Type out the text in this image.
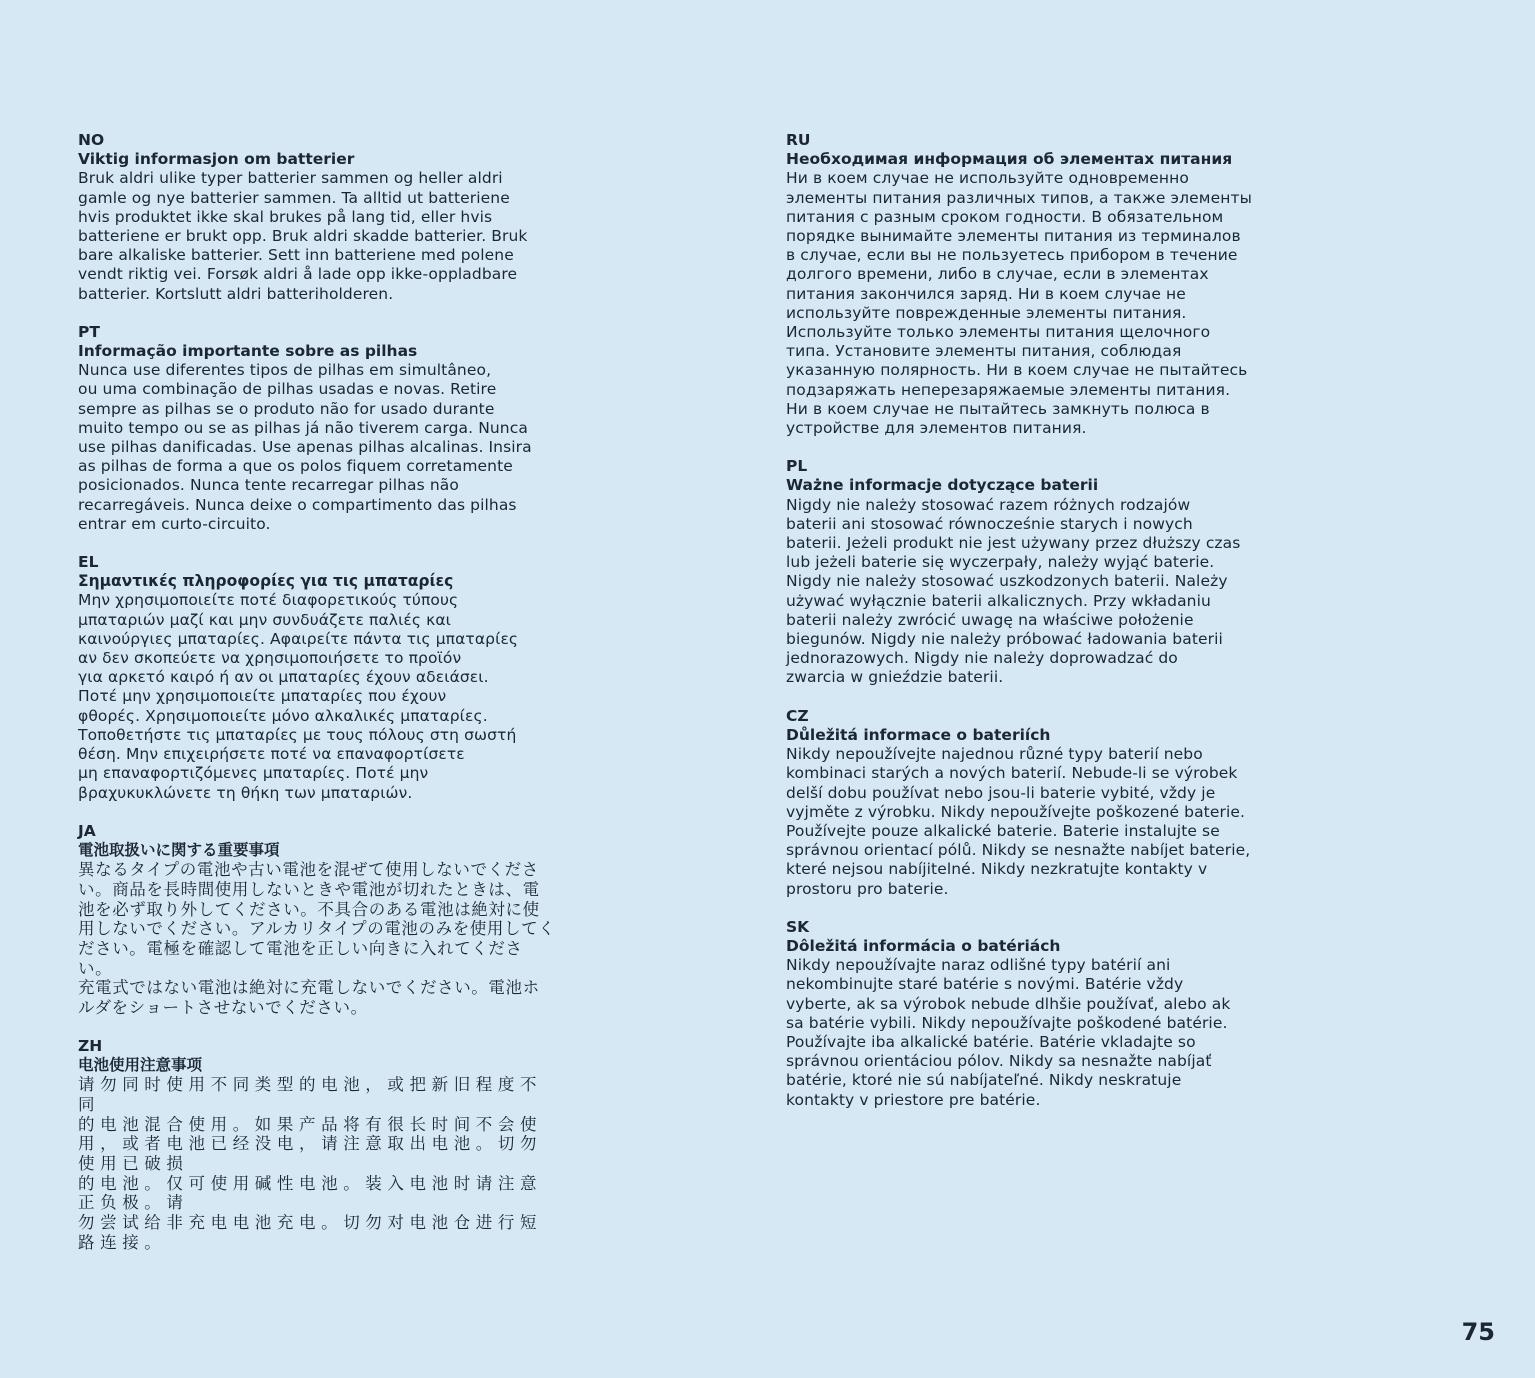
NO
Viktig informasjon om batterier
Bruk aldri ulike typer batterier sammen og heller aldri
gamle og nye batterier sammen. Ta alltid ut batteriene
hvis produktet ikke skal brukes på lang tid, eller hvis
batteriene er brukt opp. Bruk aldri skadde batterier. Bruk
bare alkaliske batterier. Sett inn batteriene med polene
vendt riktig vei. Forsøk aldri å lade opp ikke-oppladbare
batterier. Kortslutt aldri batteriholderen.
PT
Informação importante sobre as pilhas
Nunca use diferentes tipos de pilhas em simultâneo,
ou uma combinação de pilhas usadas e novas. Retire
sempre as pilhas se o produto não for usado durante
muito tempo ou se as pilhas já não tiverem carga. Nunca
use pilhas danificadas. Use apenas pilhas alcalinas. Insira
as pilhas de forma a que os polos fiquem corretamente
posicionados. Nunca tente recarregar pilhas não
recarregáveis. Nunca deixe o compartimento das pilhas
entrar em curto-circuito.
EL
Σημαντικές πληροφορίες για τις μπαταρίες
Μην χρησιμοποιείτε ποτέ διαφορετικούς τύπους
μπαταριών μαζί και μην συνδυάζετε παλιές και
καινούργιες μπαταρίες. Αφαιρείτε πάντα τις μπαταρίες
αν δεν σκοπεύετε να χρησιμοποιήσετε το προϊόν
για αρκετό καιρό ή αν οι μπαταρίες έχουν αδειάσει.
Ποτέ μην χρησιμοποιείτε μπαταρίες που έχουν
φθορές. Χρησιμοποιείτε μόνο αλκαλικές μπαταρίες.
Τοποθετήστε τις μπαταρίες με τους πόλους στη σωστή
θέση. Μην επιχειρήσετε ποτέ να επαναφορτίσετε
μη επαναφορτιζόμενες μπαταρίες. Ποτέ μην
βραχυκυκλώνετε τη θήκη των μπαταριών.
JA
電池取扱いに関する重要事項
異なるタイプの電池や古い電池を混ぜて使用しないでくださ
い。商品を長時間使用しないときや電池が切れたときは、電
池を必ず取り外してください。不具合のある電池は絶対に使
用しないでください。アルカリタイプの電池のみを使用してく
ださい。電極を確認して電池を正しい向きに入れてください。
充電式ではない電池は絶対に充電しないでください。電池ホ
ルダをショートさせないでください。
ZH
电池使用注意事项
请勿同时使用不同类型的电池，或把新旧程度不同
的电池混合使用。如果产品将有很长时间不会使
用，或者电池已经没电，请注意取出电池。切勿使用已破损
的电池。仅可使用碱性电池。装入电池时请注意正负极。请
勿尝试给非充电电池充电。切勿对电池仓进行短路连接。
RU
Необходимая информация об элементах питания
Ни в коем случае не используйте одновременно
элементы питания различных типов, а также элементы
питания с разным сроком годности. В обязательном
порядке вынимайте элементы питания из терминалов
в случае, если вы не пользуетесь прибором в течение
долгого времени, либо в случае, если в элементах
питания закончился заряд. Ни в коем случае не
используйте поврежденные элементы питания.
Используйте только элементы питания щелочного
типа. Установите элементы питания, соблюдая
указанную полярность. Ни в коем случае не пытайтесь
подзаряжать неперезаряжаемые элементы питания.
Ни в коем случае не пытайтесь замкнуть полюса в
устройстве для элементов питания.
PL
Ważne informacje dotyczące baterii
Nigdy nie należy stosować razem różnych rodzajów
baterii ani stosować równocześnie starych i nowych
baterii. Jeżeli produkt nie jest używany przez dłuższy czas
lub jeżeli baterie się wyczerpały, należy wyjąć baterie.
Nigdy nie należy stosować uszkodzonych baterii. Należy
używać wyłącznie baterii alkalicznych. Przy wkładaniu
baterii należy zwrócić uwagę na właściwe położenie
biegunów. Nigdy nie należy próbować ładowania baterii
jednorazowych. Nigdy nie należy doprowadzać do
zwarcia w gnieździe baterii.
CZ
Důležitá informace o bateriích
Nikdy nepoužívejte najednou různé typy baterií nebo
kombinaci starých a nových baterií. Nebude-li se výrobek
delší dobu používat nebo jsou-li baterie vybité, vždy je
vyjměte z výrobku. Nikdy nepoužívejte poškozené baterie.
Používejte pouze alkalické baterie. Baterie instalujte se
správnou orientací pólů. Nikdy se nesnažte nabíjet baterie,
které nejsou nabíjitelné. Nikdy nezkratujte kontakty v
prostoru pro baterie.
SK
Dôležitá informácia o batériách
Nikdy nepoužívajte naraz odlišné typy batérií ani
nekombinujte staré batérie s novými. Batérie vždy
vyberte, ak sa výrobok nebude dlhšie používať, alebo ak
sa batérie vybili. Nikdy nepoužívajte poškodené batérie.
Používajte iba alkalické batérie. Batérie vkladajte so
správnou orientáciou pólov. Nikdy sa nesnažte nabíjať
batérie, ktoré nie sú nabíjateľné. Nikdy neskratuje
kontakty v priestore pre batérie.
75
